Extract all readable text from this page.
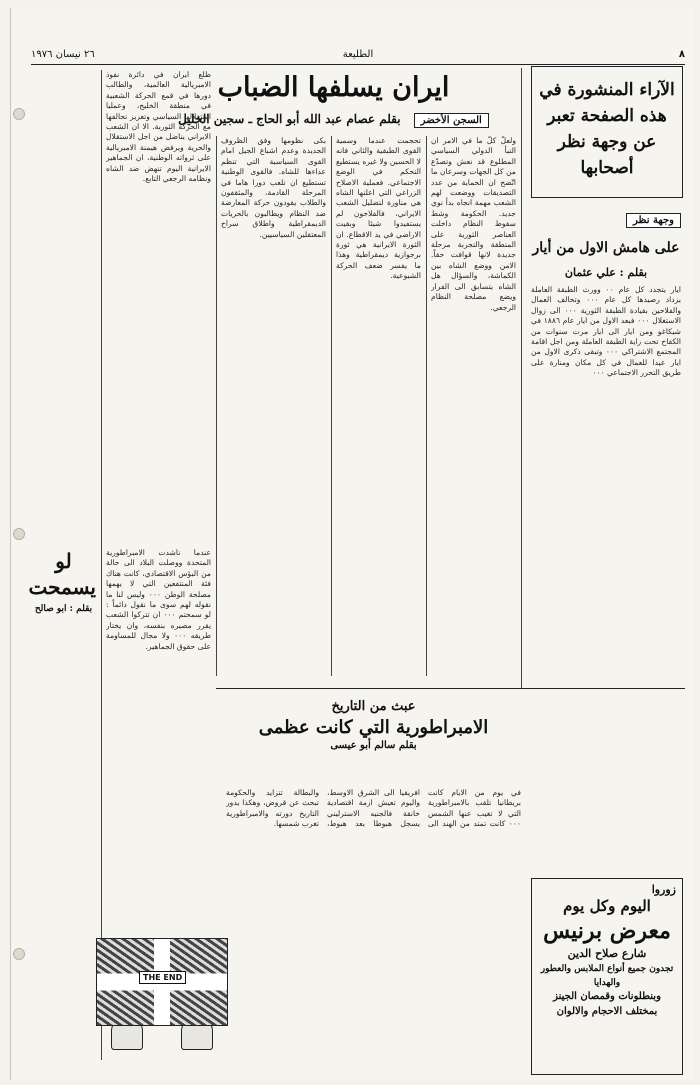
٨
الطليعة
٢٦ نيسان ١٩٧٦
الآراء المنشورة في هذه الصفحة تعبر عن وجهة نظر أصحابها
وجهة نظر
على هامش الاول من أيار
بقلم : علي عثمان
ايار يتجدد كل عام ٠٠ وورث الطبقة العاملة يزداد رصيدها كل عام ٠٠٠ وتحالف العمال والفلاحين بقيادة الطبقة الثورية ٠٠٠ الى زوال الاستغلال ٠٠٠ فبعد الاول من ايار عام ١٨٨٦ في شيكاغو ومن ايار الى ايار مرت سنوات من الكفاح تحت راية الطبقة العاملة ومن اجل اقامة المجتمع الاشتراكي ٠٠٠ وتبقى ذكرى الاول من ايار عيدا للعمال في كل مكان ومنارة على طريق التحرر الاجتماعي ٠٠٠
ايران يسلفها الضباب
السجن الأخضر بقلم عصام عبد الله أبو الحاج ـ سجين الخليل
ولعلّ كلّ ما في الامر ان النبأ الدولي السياسي المطلوع قد نعش وتصدّع من كل الجهات وسرعان ما اتّضح ان الحماية من عدد التصديقات ووضعت لهم الشعب مهمة انجاه بدأ نوي جديد. الحكومة وشط سقوط النظام داخلت العناصر الثورية على المنطقة والتجربة مرحلة جديدة لانها قوافت حقاً. الامن ووضع الشاه بين الكماشة، والسؤال هل الشاه يتسابق الى الفرار ويضع مصلحة النظام الرجعي.
تحجمت عندما وسمية القوى الطبقية والثاني فانه لا الحسين ولا غيره يستطيع التحكم في الوضع الاجتماعي. فعملية الاصلاح الزراعي التي اعلنها الشاه هي مناورة لتضليل الشعب الايراني، فالفلاحون لم يستفيدوا شيئا وبقيت الاراضي في يد الاقطاع. ان الثورة الايرانية هي ثورة برجوازية ديمقراطية وهذا ما يفسر ضعف الحركة الشيوعية.
بكى نظومها وفق الظروف الجديدة وعدم اشباع الجيل امام القوى السياسية التي تنظم عداءها للشاه. فالقوى الوطنية تستطيع ان تلعب دورا هاما في المرحلة القادمة، والمثقفون والطلاب يقودون حركة المعارضة ضد النظام ويطالبون بالحريات الديمقراطية واطلاق سراح المعتقلين السياسيين.
طلع ايران في دائرة نفوذ الامبريالية العالمية، والطالب دورها في قمع الحركة الشعبية في منطقة الخليج، وعمليا استغلالها السياسي وتعزيز تحالفها مع الحركة الثورية. الا ان الشعب الايراني يناضل من اجل الاستقلال والحرية ويرفض هيمنة الامبريالية على ثرواته الوطنية، ان الجماهير الايرانية اليوم تنهض ضد الشاه ونظامه الرجعي التابع.
لو يسمحت
بقلم : ابو صالح
عندما ناشدت الامبراطورية المتحدة ووصلت البلاد الى حالة من البؤس الاقتصادي، كانت هناك فئة المنتفعين التي لا يهمها مصلحة الوطن ٠٠٠ وليس لنا ما نقوله لهم سوى ما نقول دائماً : لو سمحتم ٠٠٠ ان تتركوا الشعب يقرر مصيره بنفسه، وان يختار طريقه ٠٠٠ ولا مجال للمساومة على حقوق الجماهير.
عبث من التاريخ
الامبراطورية التي كانت عظمى
بقلم سالم أبو عيسى
في يوم من الايام كانت بريطانيا تلقب بالامبراطورية التي لا تغيب عنها الشمس ٠٠٠ كانت تمتد من الهند الى افريقيا الى الشرق الاوسط، واليوم تعيش ازمة اقتصادية خانقة فالجنيه الاسترليني يسجل هبوطا بعد هبوط، والبطالة تتزايد والحكومة تبحث عن قروض، وهكذا يدور التاريخ دورته والامبراطورية تغرب شمسها.
THE END
زوروا
اليوم وكل يوم
معرض برنيس
شارع صلاح الدين
تجدون جميع أنواع الملابس والعطور والهدايا
وبنطلونات وقمصان الجينز
بمختلف الاحجام والالوان
